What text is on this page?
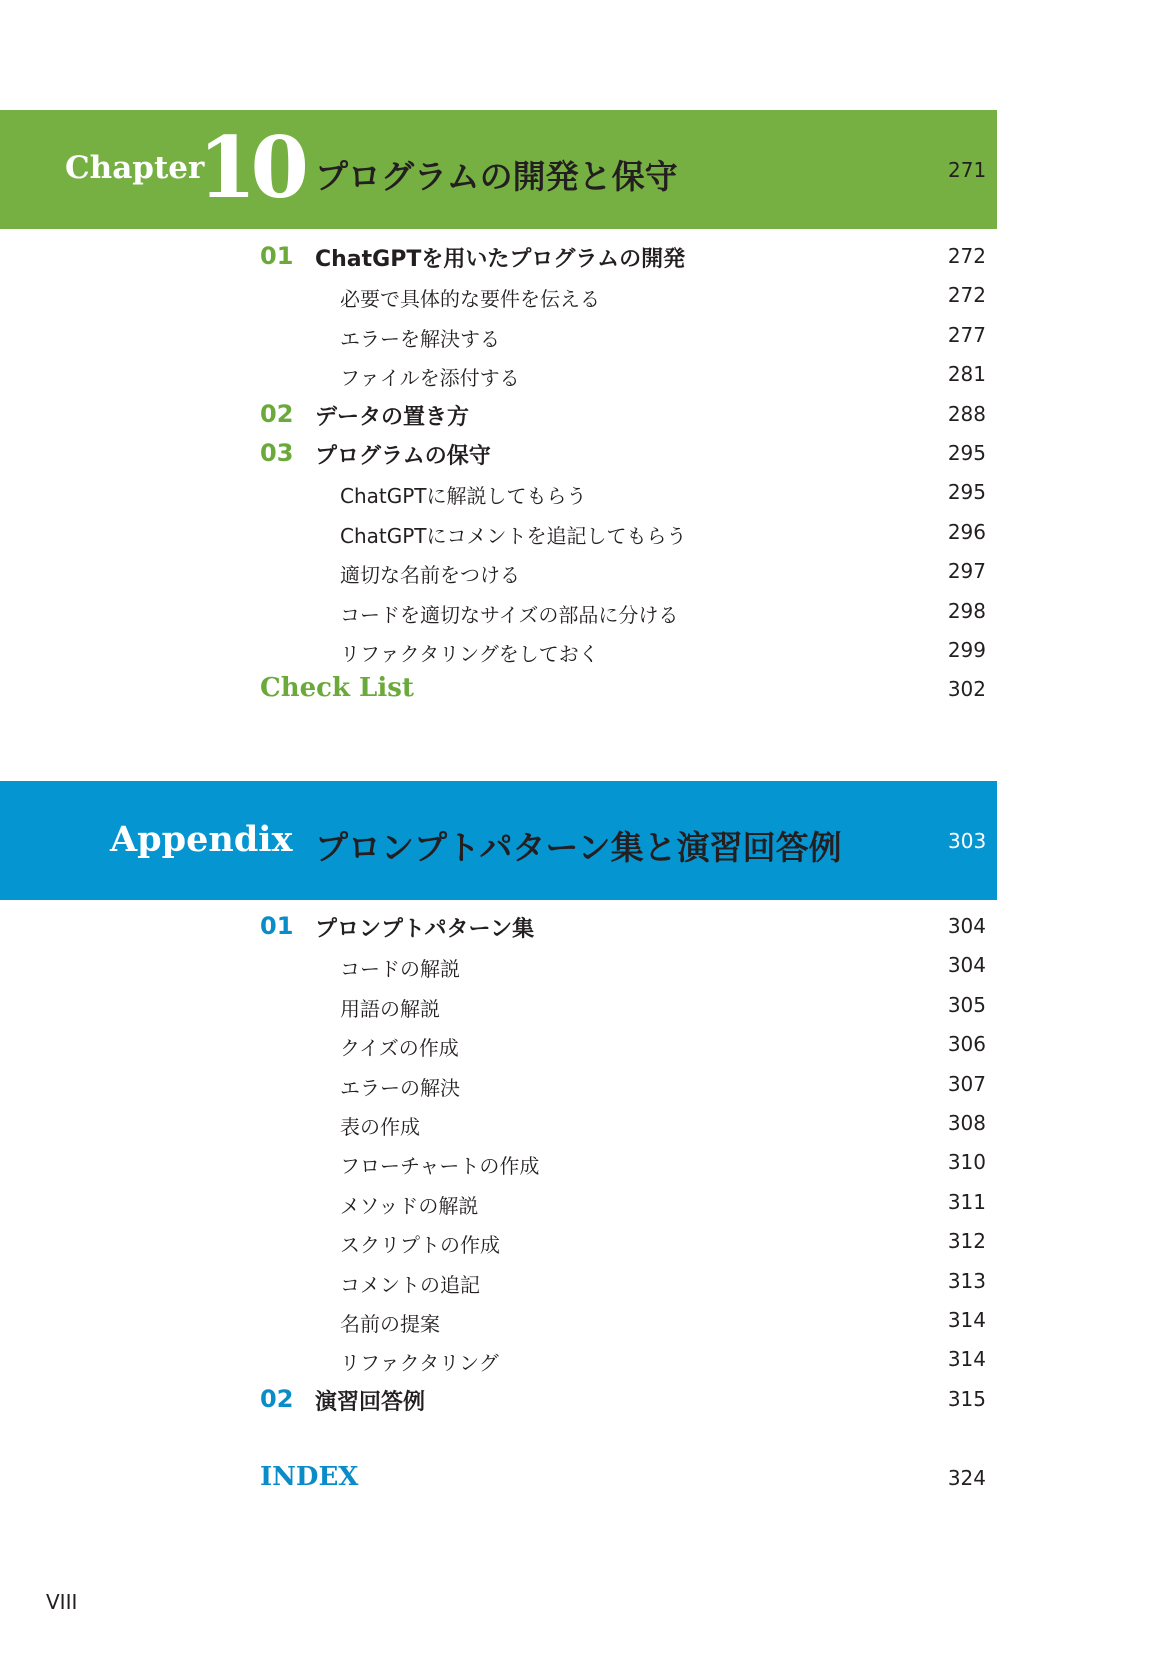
Chapter
10 プログラムの開発と保守	271
01 ChatGPTを用いたプログラムの開発	272
必要で具体的な要件を伝える	272
エラーを解決する	277
ファイルを添付する	281
02 データの置き方	288
03 プログラムの保守	295
ChatGPTに解説してもらう	295
ChatGPTにコメントを追記してもらう	296
適切な名前をつける	297
コードを適切なサイズの部品に分ける	298
リファクタリングをしておく	299
Check List	302
Appendix プロンプトパターン集と演習回答例	303
01 プロンプトパターン集	304
コードの解説	304
用語の解説	305
クイズの作成	306
エラーの解決	307
表の作成	308
フローチャートの作成	310
メソッドの解説	311
スクリプトの作成	312
コメントの追記	313
名前の提案	314
リファクタリング	314
02 演習回答例	315
INDEX	324
VIII
